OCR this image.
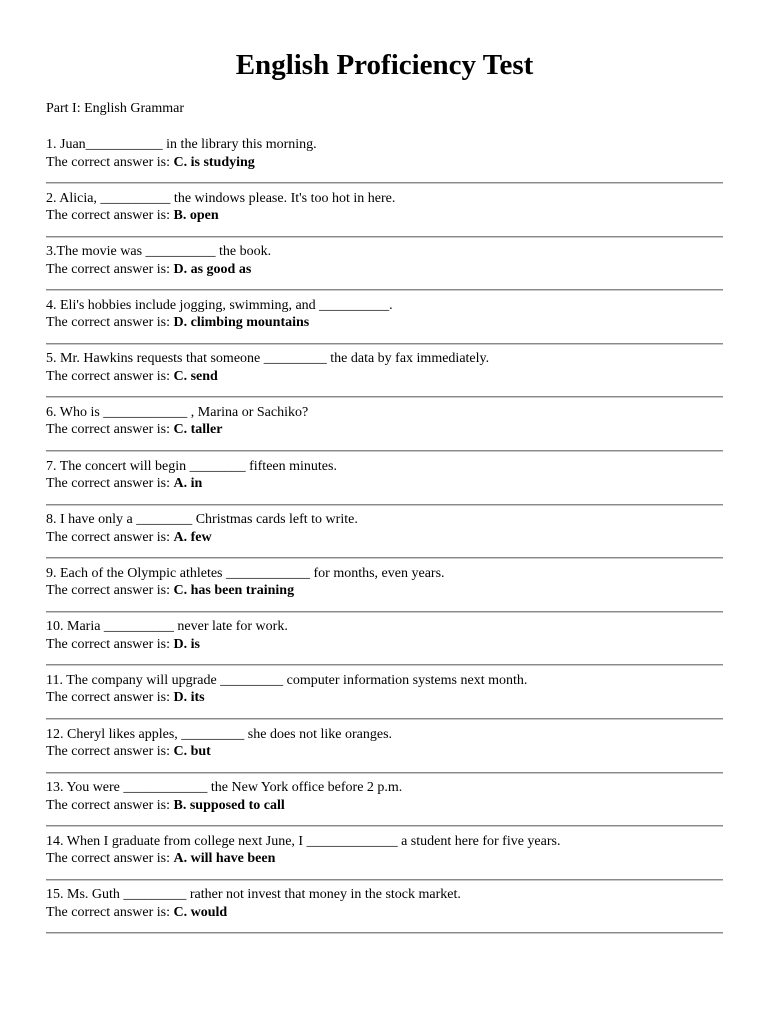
English Proficiency Test
Part I: English Grammar
1. Juan___________ in the library this morning.
The correct answer is: C. is studying
2. Alicia, __________ the windows please. It's too hot in here.
The correct answer is: B. open
3.The movie was __________ the book.
The correct answer is: D. as good as
4. Eli's hobbies include jogging, swimming, and __________.
The correct answer is: D. climbing mountains
5. Mr. Hawkins requests that someone _________ the data by fax immediately.
The correct answer is: C. send
6. Who is ____________ , Marina or Sachiko?
The correct answer is: C. taller
7. The concert will begin ________ fifteen minutes.
The correct answer is: A. in
8. I have only a ________ Christmas cards left to write.
The correct answer is: A. few
9. Each of the Olympic athletes ____________ for months, even years.
The correct answer is: C. has been training
10. Maria __________ never late for work.
The correct answer is: D. is
11. The company will upgrade _________ computer information systems next month.
The correct answer is: D. its
12. Cheryl likes apples, _________ she does not like oranges.
The correct answer is: C. but
13. You were ____________ the New York office before 2 p.m.
The correct answer is: B. supposed to call
14. When I graduate from college next June, I _____________ a student here for five years.
The correct answer is: A. will have been
15. Ms. Guth _________ rather not invest that money in the stock market.
The correct answer is: C. would
